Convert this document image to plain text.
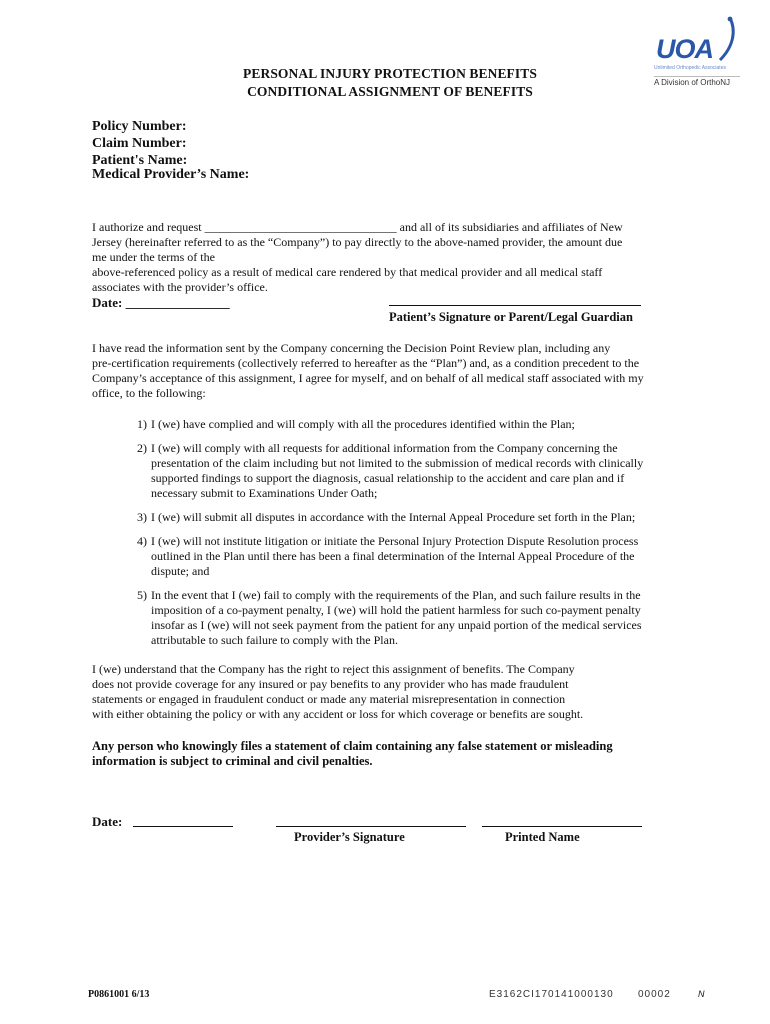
UOA
Unlimited Orthopedic Associates
A Division of OrthoNJ
PERSONAL INJURY PROTECTION BENEFITS
CONDITIONAL ASSIGNMENT OF BENEFITS
Policy Number:
Claim Number:
Patient's Name:
Medical Provider’s Name:
I authorize and request ________________________________ and all of its subsidiaries and affiliates of New
Jersey (hereinafter referred to as the “Company”) to pay directly to the above-named provider, the amount due
me under the terms of the
above-referenced policy as a result of medical care rendered by that medical provider and all medical staff
associates with the provider’s office.
Date: ________________
Patient’s Signature or Parent/Legal Guardian
I have read the information sent by the Company concerning the Decision Point Review plan, including any
pre-certification requirements (collectively referred to hereafter as the “Plan”) and, as a condition precedent to the
Company’s acceptance of this assignment, I agree for myself, and on behalf of all medical staff associated with my
office, to the following:
1) I (we) have complied and will comply with all the procedures identified within the Plan;
2) I (we) will comply with all requests for additional information from the Company concerning the
presentation of the claim including but not limited to the submission of medical records with clinically
supported findings to support the diagnosis, casual relationship to the accident and care plan and if
necessary submit to Examinations Under Oath;
3) I (we) will submit all disputes in accordance with the Internal Appeal Procedure set forth in the Plan;
4) I (we) will not institute litigation or initiate the Personal Injury Protection Dispute Resolution process
outlined in the Plan until there has been a final determination of the Internal Appeal Procedure of the
dispute; and
5) In the event that I (we) fail to comply with the requirements of the Plan, and such failure results in the
imposition of a co-payment penalty, I (we) will hold the patient harmless for such co-payment penalty
insofar as I (we) will not seek payment from the patient for any unpaid portion of the medical services
attributable to such failure to comply with the Plan.
I (we) understand that the Company has the right to reject this assignment of benefits. The Company
does not provide coverage for any insured or pay benefits to any provider who has made fraudulent
statements or engaged in fraudulent conduct or made any material misrepresentation in connection
with either obtaining the policy or with any accident or loss for which coverage or benefits are sought.
Any person who knowingly files a statement of claim containing any false statement or misleading
information is subject to criminal and civil penalties.
Date:
Provider’s Signature	Printed Name
P0861001 6/13	E3162CI170141000130 00002	N
